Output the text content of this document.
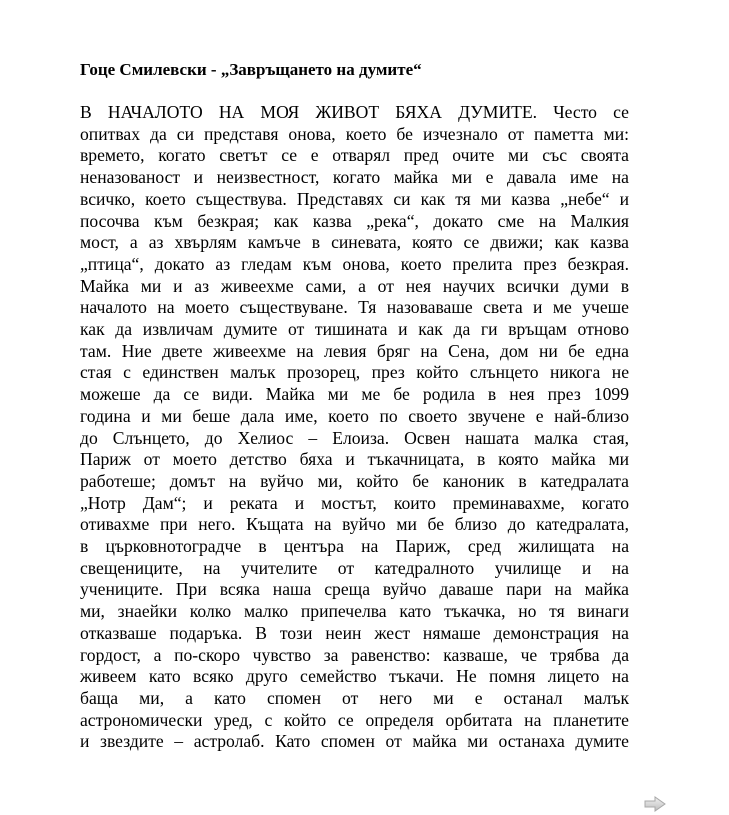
Гоце Смилевски - „Завръщането на думите“
В НАЧАЛОТО НА МОЯ ЖИВОТ БЯХА ДУМИТЕ. Често се
опитвах да си представя онова, което бе изчезнало от паметта ми:
времето, когато светът се е отварял пред очите ми със своята
неназованост и неизвестност, когато майка ми е давала име на
всичко, което съществува. Представях си как тя ми казва „небе“ и
посочва към безкрая; как казва „река“, докато сме на Малкия
мост, а аз хвърлям камъче в синевата, която се движи; как казва
„птица“, докато аз гледам към онова, което прелита през безкрая.
Майка ми и аз живеехме сами, а от нея научих всички думи в
началото на моето съществуване. Тя назоваваше света и ме учеше
как да извличам думите от тишината и как да ги връщам отново
там. Ние двете живеехме на левия бряг на Сена, дом ни бе една
стая с единствен малък прозорец, през който слънцето никога не
можеше да се види. Майка ми ме бе родила в нея през 1099
година и ми беше дала име, което по своето звучене е най-близо
до Слънцето, до Хелиос – Елоиза. Освен нашата малка стая,
Париж от моето детство бяха и тъкачницата, в която майка ми
работеше; домът на вуйчо ми, който бе каноник в катедралата
„Нотр Дам“; и реката и мостът, които преминавахме, когато
отивахме при него. Къщата на вуйчо ми бе близо до катедралата,
в църковнотоградче в центъра на Париж, сред жилищата на
свещениците, на учителите от катедралното училище и на
учениците. При всяка наша среща вуйчо даваше пари на майка
ми, знаейки колко малко припечелва като тъкачка, но тя винаги
отказваше подаръка. В този неин жест нямаше демонстрация на
гордост, а по-скоро чувство за равенство: казваше, че трябва да
живеем като всяко друго семейство тъкачи. Не помня лицето на
баща ми, а като спомен от него ми е останал малък
астрономически уред, с който се определя орбитата на планетите
и звездите – астролаб. Като спомен от майка ми останаха думите
